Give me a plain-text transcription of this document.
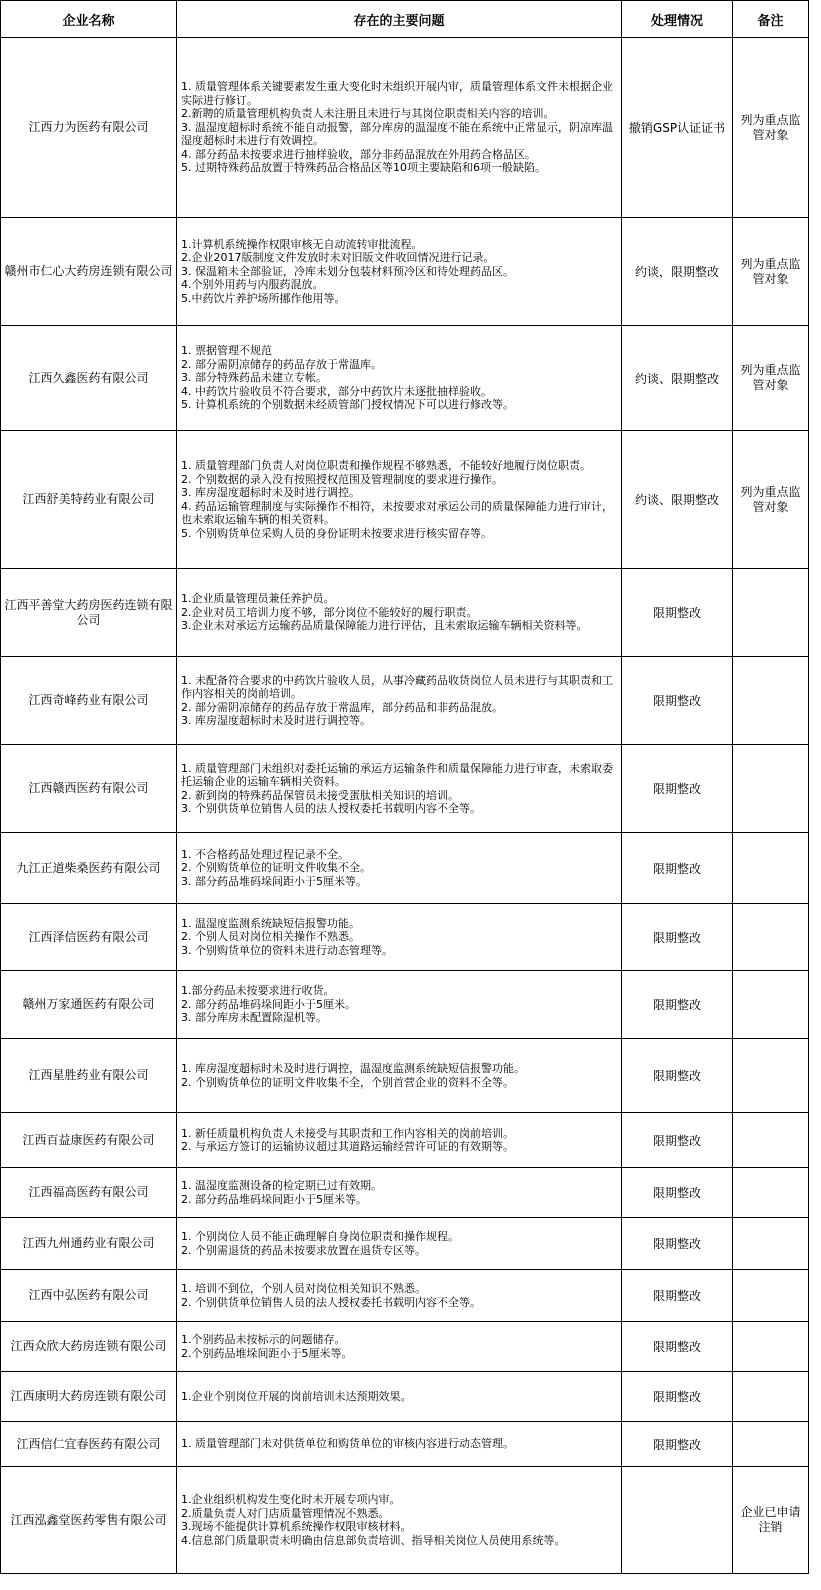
企业名称	存在的主要问题	处理情况	备注
江西力为医药有限公司	1. 质量管理体系关键要素发生重大变化时未组织开展内审，质量管理体系文件未根据企业实际进行修订。
2.新聘的质量管理机构负责人未注册且未进行与其岗位职责相关内容的培训。
3. 温湿度超标时系统不能自动报警，部分库房的温湿度不能在系统中正常显示，阴凉库温湿度超标时未进行有效调控。
4. 部分药品未按要求进行抽样验收，部分非药品混放在外用药合格品区。
5. 过期特殊药品放置于特殊药品合格品区等10项主要缺陷和6项一般缺陷。	撤销GSP认证证书	列为重点监管对象
赣州市仁心大药房连锁有限公司	1.计算机系统操作权限审核无自动流转审批流程。
2.企业2017版制度文件发放时未对旧版文件收回情况进行记录。
3. 保温箱未全部验证，冷库未划分包装材料预冷区和待处理药品区。
4.个别外用药与内服药混放。
5.中药饮片养护场所挪作他用等。	约谈，限期整改	列为重点监管对象
江西久鑫医药有限公司	1. 票据管理不规范
2. 部分需阴凉储存的药品存放于常温库。
3. 部分特殊药品未建立专帐。
4. 中药饮片验收员不符合要求，部分中药饮片未逐批抽样验收。
5. 计算机系统的个别数据未经质管部门授权情况下可以进行修改等。	约谈、限期整改	列为重点监管对象
江西舒美特药业有限公司	1. 质量管理部门负责人对岗位职责和操作规程不够熟悉，不能较好地履行岗位职责。
2. 个别数据的录入没有按照授权范围及管理制度的要求进行操作。
3. 库房湿度超标时未及时进行调控。
4. 药品运输管理制度与实际操作不相符，未按要求对承运公司的质量保障能力进行审计，也未索取运输车辆的相关资料。
5. 个别购货单位采购人员的身份证明未按要求进行核实留存等。	约谈、限期整改	列为重点监管对象
江西平善堂大药房医药连锁有限公司	1.企业质量管理员兼任养护员。
2.企业对员工培训力度不够，部分岗位不能较好的履行职责。
3.企业未对承运方运输药品质量保障能力进行评估，且未索取运输车辆相关资料等。	限期整改	
江西奇峰药业有限公司	1. 未配备符合要求的中药饮片验收人员，从事冷藏药品收货岗位人员未进行与其职责和工作内容相关的岗前培训。
2. 部分需阴凉储存的药品存放于常温库，部分药品和非药品混放。
3. 库房湿度超标时未及时进行调控等。	限期整改	
江西赣西医药有限公司	1. 质量管理部门未组织对委托运输的承运方运输条件和质量保障能力进行审查，未索取委托运输企业的运输车辆相关资料。
2. 新到岗的特殊药品保管员未接受蛋肽相关知识的培训。
3. 个别供货单位销售人员的法人授权委托书载明内容不全等。	限期整改	
九江正道柴桑医药有限公司	1. 不合格药品处理过程记录不全。
2. 个别购货单位的证明文件收集不全。
3. 部分药品堆码垛间距小于5厘米等。	限期整改	
江西泽信医药有限公司	1. 温湿度监测系统缺短信报警功能。
2. 个别人员对岗位相关操作不熟悉。
3. 个别购货单位的资料未进行动态管理等。	限期整改	
赣州万家通医药有限公司	1.部分药品未按要求进行收货。
2. 部分药品堆码垛间距小于5厘米。
3. 部分库房未配置除湿机等。	限期整改	
江西星胜药业有限公司	1. 库房湿度超标时未及时进行调控，温湿度监测系统缺短信报警功能。
2. 个别购货单位的证明文件收集不全，个别首营企业的资料不全等。	限期整改	
江西百益康医药有限公司	1. 新任质量机构负责人未接受与其职责和工作内容相关的岗前培训。
2. 与承运方签订的运输协议超过其道路运输经营许可证的有效期等。	限期整改	
江西福高医药有限公司	1. 温湿度监测设备的检定期已过有效期。
2. 部分药品堆码垛间距小于5厘米等。	限期整改	
江西九州通药业有限公司	1. 个别岗位人员不能正确理解自身岗位职责和操作规程。
2. 个别需退货的药品未按要求放置在退货专区等。	限期整改	
江西中弘医药有限公司	1. 培训不到位，个别人员对岗位相关知识不熟悉。
2. 个别供货单位销售人员的法人授权委托书载明内容不全等。	限期整改	
江西众欣大药房连锁有限公司	1.个别药品未按标示的问题储存。
2.个别药品堆垛间距小于5厘米等。	限期整改	
江西康明大药房连锁有限公司	1.企业个别岗位开展的岗前培训未达预期效果。	限期整改	
江西信仁宜春医药有限公司	1. 质量管理部门未对供货单位和购货单位的审核内容进行动态管理。	限期整改	
江西泓鑫堂医药零售有限公司	1.企业组织机构发生变化时未开展专项内审。
2.质量负责人对门店质量管理情况不熟悉。
3.现场不能提供计算机系统操作权限审核材料。
4.信息部门质量职责未明确由信息部负责培训、指导相关岗位人员使用系统等。		企业已申请注销
